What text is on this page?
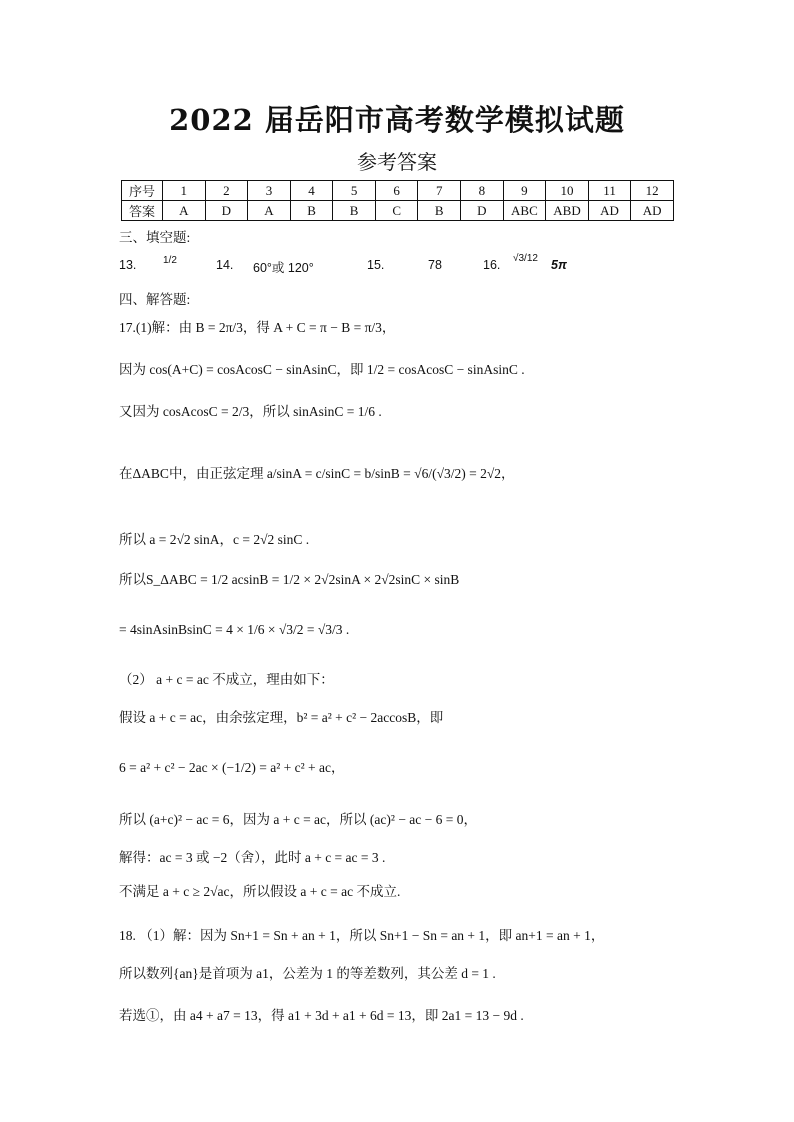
2022 届岳阳市高考数学模拟试题
参考答案
序号	1	2	3	4	5	6	7	8	9	10	11	12
答案	A	D	A	B	B	C	B	D	ABC	ABD	AD	AD
三、填空题:
13.	1/2	14. 60°或 120°	15.	78	16. √3/12 5π
四、解答题:
17.(1)解：由 B = 2π/3，得 A + C = π − B = π/3，
因为 cos(A+C) = cosAcosC − sinAsinC，即 1/2 = cosAcosC − sinAsinC .
又因为 cosAcosC = 2/3，所以 sinAsinC = 1/6 .
在ΔABC中，由正弦定理 a/sinA = c/sinC = b/sinB = √6/(√3/2) = 2√2，
所以 a = 2√2 sinA，c = 2√2 sinC .
所以S_ΔABC = 1/2 acsinB = 1/2 × 2√2sinA × 2√2sinC × sinB
= 4sinAsinBsinC = 4 × 1/6 × √3/2 = √3/3 .
（2） a + c = ac 不成立，理由如下：
假设 a + c = ac，由余弦定理，b² = a² + c² − 2accosB，即
6 = a² + c² − 2ac × (−1/2) = a² + c² + ac，
所以 (a+c)² − ac = 6，因为 a + c = ac，所以 (ac)² − ac − 6 = 0，
解得：ac = 3 或 −2（舍），此时 a + c = ac = 3 .
不满足 a + c ≥ 2√ac，所以假设 a + c = ac 不成立.
18. （1）解：因为 Sn+1 = Sn + an + 1，所以 Sn+1 − Sn = an + 1，即 an+1 = an + 1，
所以数列{an}是首项为 a1，公差为 1 的等差数列，其公差 d = 1 .
若选①，由 a4 + a7 = 13，得 a1 + 3d + a1 + 6d = 13，即 2a1 = 13 − 9d .
